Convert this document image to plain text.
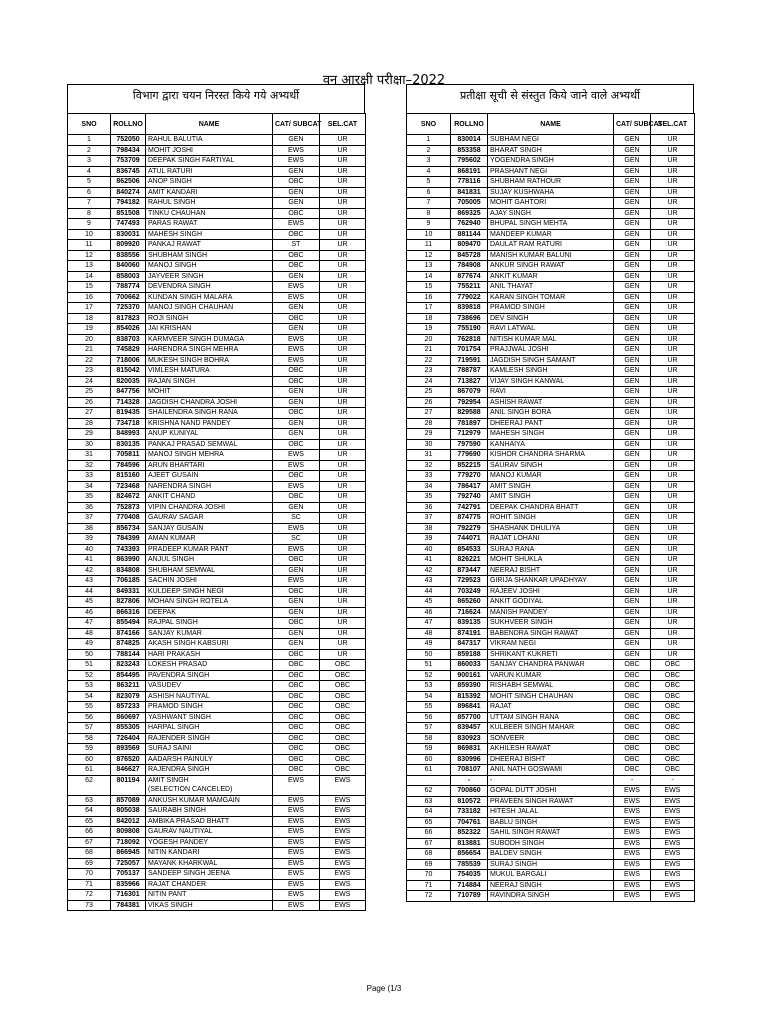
वन आरक्षी परीक्षा–2022
विभाग द्वारा चयन निरस्त किये गये अभ्यर्थी
SNO	ROLLNO	NAME	CAT/ SUBCAT	SEL.CAT
1	752050	RAHUL BALUTIA	GEN	UR
2	798434	MOHIT JOSHI	EWS	UR
3	753709	DEEPAK SINGH FARTIYAL	EWS	UR
4	836745	ATUL RATURI	GEN	UR
5	862506	ANOP SINGH	OBC	UR
6	840274	AMIT KANDARI	GEN	UR
7	794182	RAHUL SINGH	GEN	UR
8	851508	TINKU CHAUHAN	OBC	UR
9	747493	PARAS RAWAT	EWS	UR
10	830031	MAHESH SINGH	OBC	UR
11	809920	PANKAJ RAWAT	ST	UR
12	838556	SHUBHAM SINGH	OBC	UR
13	840060	MANOJ SINGH	OBC	UR
14	858003	JAYVEER SINGH	GEN	UR
15	788774	DEVENDRA SINGH	EWS	UR
16	700662	KUNDAN SINGH MALARA	EWS	UR
17	725370	MANOJ SINGH CHAUHAN	GEN	UR
18	817823	ROJI SINGH	OBC	UR
19	854026	JAI KRISHAN	GEN	UR
20	838703	KARMVEER SINGH DUMAGA	EWS	UR
21	745829	HARENDRA SINGH MEHRA	EWS	UR
22	718006	MUKESH SINGH BOHRA	EWS	UR
23	815042	VIMLESH MATURA	OBC	UR
24	820035	RAJAN SINGH	OBC	UR
25	847756	MOHIT	GEN	UR
26	714328	JAGDISH CHANDRA JOSHI	GEN	UR
27	819435	SHAILENDRA SINGH RANA	OBC	UR
28	734718	KRISHNA NAND PANDEY	GEN	UR
29	848993	ANUP KUNIYAL	GEN	UR
30	830135	PANKAJ PRASAD SEMWAL	OBC	UR
31	705811	MANOJ SINGH MEHRA	EWS	UR
32	784596	ARUN BHARTARI	EWS	UR
33	815160	AJEET GUSAIN	OBC	UR
34	723468	NARENDRA SINGH	EWS	UR
35	824672	ANKIT CHAND	OBC	UR
36	752873	VIPIN CHANDRA JOSHI	GEN	UR
37	770408	GAURAV SAGAR	SC	UR
38	856734	SANJAY GUSAIN	EWS	UR
39	784399	AMAN KUMAR	SC	UR
40	743393	PRADEEP KUMAR PANT	EWS	UR
41	863990	ANJUL SINGH	OBC	UR
42	834808	SHUBHAM SEMWAL	GEN	UR
43	706185	SACHIN JOSHI	EWS	UR
44	849331	KULDEEP SINGH NEGI	OBC	UR
45	827806	MOHAN SINGH ROTELA	GEN	UR
46	866316	DEEPAK	GEN	UR
47	855494	RAJPAL SINGH	OBC	UR
48	874166	SANJAY KUMAR	GEN	UR
49	874825	AKASH SINGH KABSURI	GEN	UR
50	788144	HARI PRAKASH	OBC	UR
51	823243	LOKESH PRASAD	OBC	OBC
52	854495	PAVENDRA SINGH	OBC	OBC
53	863211	VASUDEV	OBC	OBC
54	823079	ASHISH NAUTIYAL	OBC	OBC
55	857233	PRAMOD SINGH	OBC	OBC
56	860697	YASHWANT SINGH	OBC	OBC
57	855305	HARPAL SINGH	OBC	OBC
58	726404	RAJENDER SINGH	OBC	OBC
59	893569	SURAJ SAINI	OBC	OBC
60	876520	AADARSH PAINULY	OBC	OBC
61	846627	RAJENDRA SINGH	OBC	OBC
62	801194	AMIT SINGH
(SELECTION CANCELED)	EWS	EWS
63	857089	ANKUSH KUMAR MAMGAIN	EWS	EWS
64	805038	SAURABH SINGH	EWS	EWS
65	842012	AMBIKA PRASAD BHATT	EWS	EWS
66	809808	GAURAV NAUTIYAL	EWS	EWS
67	718092	YOGESH PANDEY	EWS	EWS
68	866945	NITIN KANDARI	EWS	EWS
69	725057	MAYANK KHARKWAL	EWS	EWS
70	705137	SANDEEP SINGH JEENA	EWS	EWS
71	835966	RAJAT CHANDER	EWS	EWS
72	716301	NITIN PANT	EWS	EWS
73	784381	VIKAS SINGH	EWS	EWS
प्रतीक्षा सूची से संस्तुत किये जाने वाले अभ्यर्थी
SNO	ROLLNO	NAME	CAT/ SUBCAT	SEL.CAT
1	830014	SUBHAM NEGI	GEN	UR
2	853358	BHARAT SINGH	GEN	UR
3	795602	YOGENDRA SINGH	GEN	UR
4	868191	PRASHANT NEGI	GEN	UR
5	778116	SHUBHAM RATHOUR	GEN	UR
6	841831	SUJAY KUSHWAHA	GEN	UR
7	705005	MOHIT GAHTORI	GEN	UR
8	869325	AJAY SINGH	GEN	UR
9	762940	BHUPAL SINGH MEHTA	GEN	UR
10	881144	MANDEEP KUMAR	GEN	UR
11	809470	DAULAT RAM RATURI	GEN	UR
12	845728	MANISH KUMAR BALUNI	GEN	UR
13	784908	ANKUR SINGH RAWAT	GEN	UR
14	877674	ANKIT KUMAR	GEN	UR
15	755211	ANIL THAYAT	GEN	UR
16	779022	KARAN SINGH TOMAR	GEN	UR
17	839818	PRAMOD SINGH	GEN	UR
18	738696	DEV SINGH	GEN	UR
19	755190	RAVI LATWAL	GEN	UR
20	762818	NITISH KUMAR MAL	GEN	UR
21	701754	PRAJJWAL JOSHI	GEN	UR
22	719591	JAGDISH SINGH SAMANT	GEN	UR
23	788787	KAMLESH SINGH	GEN	UR
24	713827	VIJAY SINGH KANWAL	GEN	UR
25	867079	RAVI	GEN	UR
26	792954	ASHISH RAWAT	GEN	UR
27	829588	ANIL SINGH BORA	GEN	UR
28	781897	DHEERAJ PANT	GEN	UR
29	712979	MAHESH SINGH	GEN	UR
30	797590	KANHAIYA	GEN	UR
31	779690	KISHOR CHANDRA SHARMA	GEN	UR
32	852215	SAURAV SINGH	GEN	UR
33	779270	MANOJ KUMAR	GEN	UR
34	786417	AMIT SINGH	GEN	UR
35	792740	AMIT SINGH	GEN	UR
36	742791	DEEPAK CHANDRA BHATT	GEN	UR
37	874775	ROHIT SINGH	GEN	UR
38	792279	SHASHANK DHULIYA	GEN	UR
39	744071	RAJAT LOHANI	GEN	UR
40	854533	SURAJ RANA	GEN	UR
41	826221	MOHIT SHUKLA	GEN	UR
42	873447	NEERAJ BISHT	GEN	UR
43	729523	GIRIJA SHANKAR UPADHYAY	GEN	UR
44	703249	RAJEEV JOSHI	GEN	UR
45	865260	ANKIT GODIYAL	GEN	UR
46	716624	MANISH PANDEY	GEN	UR
47	839135	SUKHVEER SINGH	GEN	UR
48	874191	BABENDRA SINGH RAWAT	GEN	UR
49	847317	VIKRAM NEGI	GEN	UR
50	859188	SHRIKANT KUKRETI	GEN	UR
51	860033	SANJAY CHANDRA PANWAR	OBC	OBC
52	900161	VARUN KUMAR	OBC	OBC
53	859390	RISHABH SEMWAL	OBC	OBC
54	815392	MOHIT SINGH CHAUHAN	OBC	OBC
55	896841	RAJAT	OBC	OBC
56	857700	UTTAM SINGH RANA	OBC	OBC
57	839457	KULBEER SINGH MAHAR	OBC	OBC
58	830923	SONVEER	OBC	OBC
59	869831	AKHILESH RAWAT	OBC	OBC
60	830996	DHEERAJ BISHT	OBC	OBC
61	708107	ANIL NATH GOSWAMI	OBC	OBC
	-	-	-	-
62	700860	GOPAL DUTT JOSHI	EWS	EWS
63	810572	PRAVEEN SINGH RAWAT	EWS	EWS
64	733182	HITESH JALAL	EWS	EWS
65	704761	BABLU SINGH	EWS	EWS
66	852322	SAHIL SINGH RAWAT	EWS	EWS
67	813881	SUBODH SINGH	EWS	EWS
68	856654	BALDEV SINGH	EWS	EWS
69	785539	SURAJ SINGH	EWS	EWS
70	754035	MUKUL BARGALI	EWS	EWS
71	714884	NEERAJ SINGH	EWS	EWS
72	710789	RAVINDRA SINGH	EWS	EWS
Page (1/3
